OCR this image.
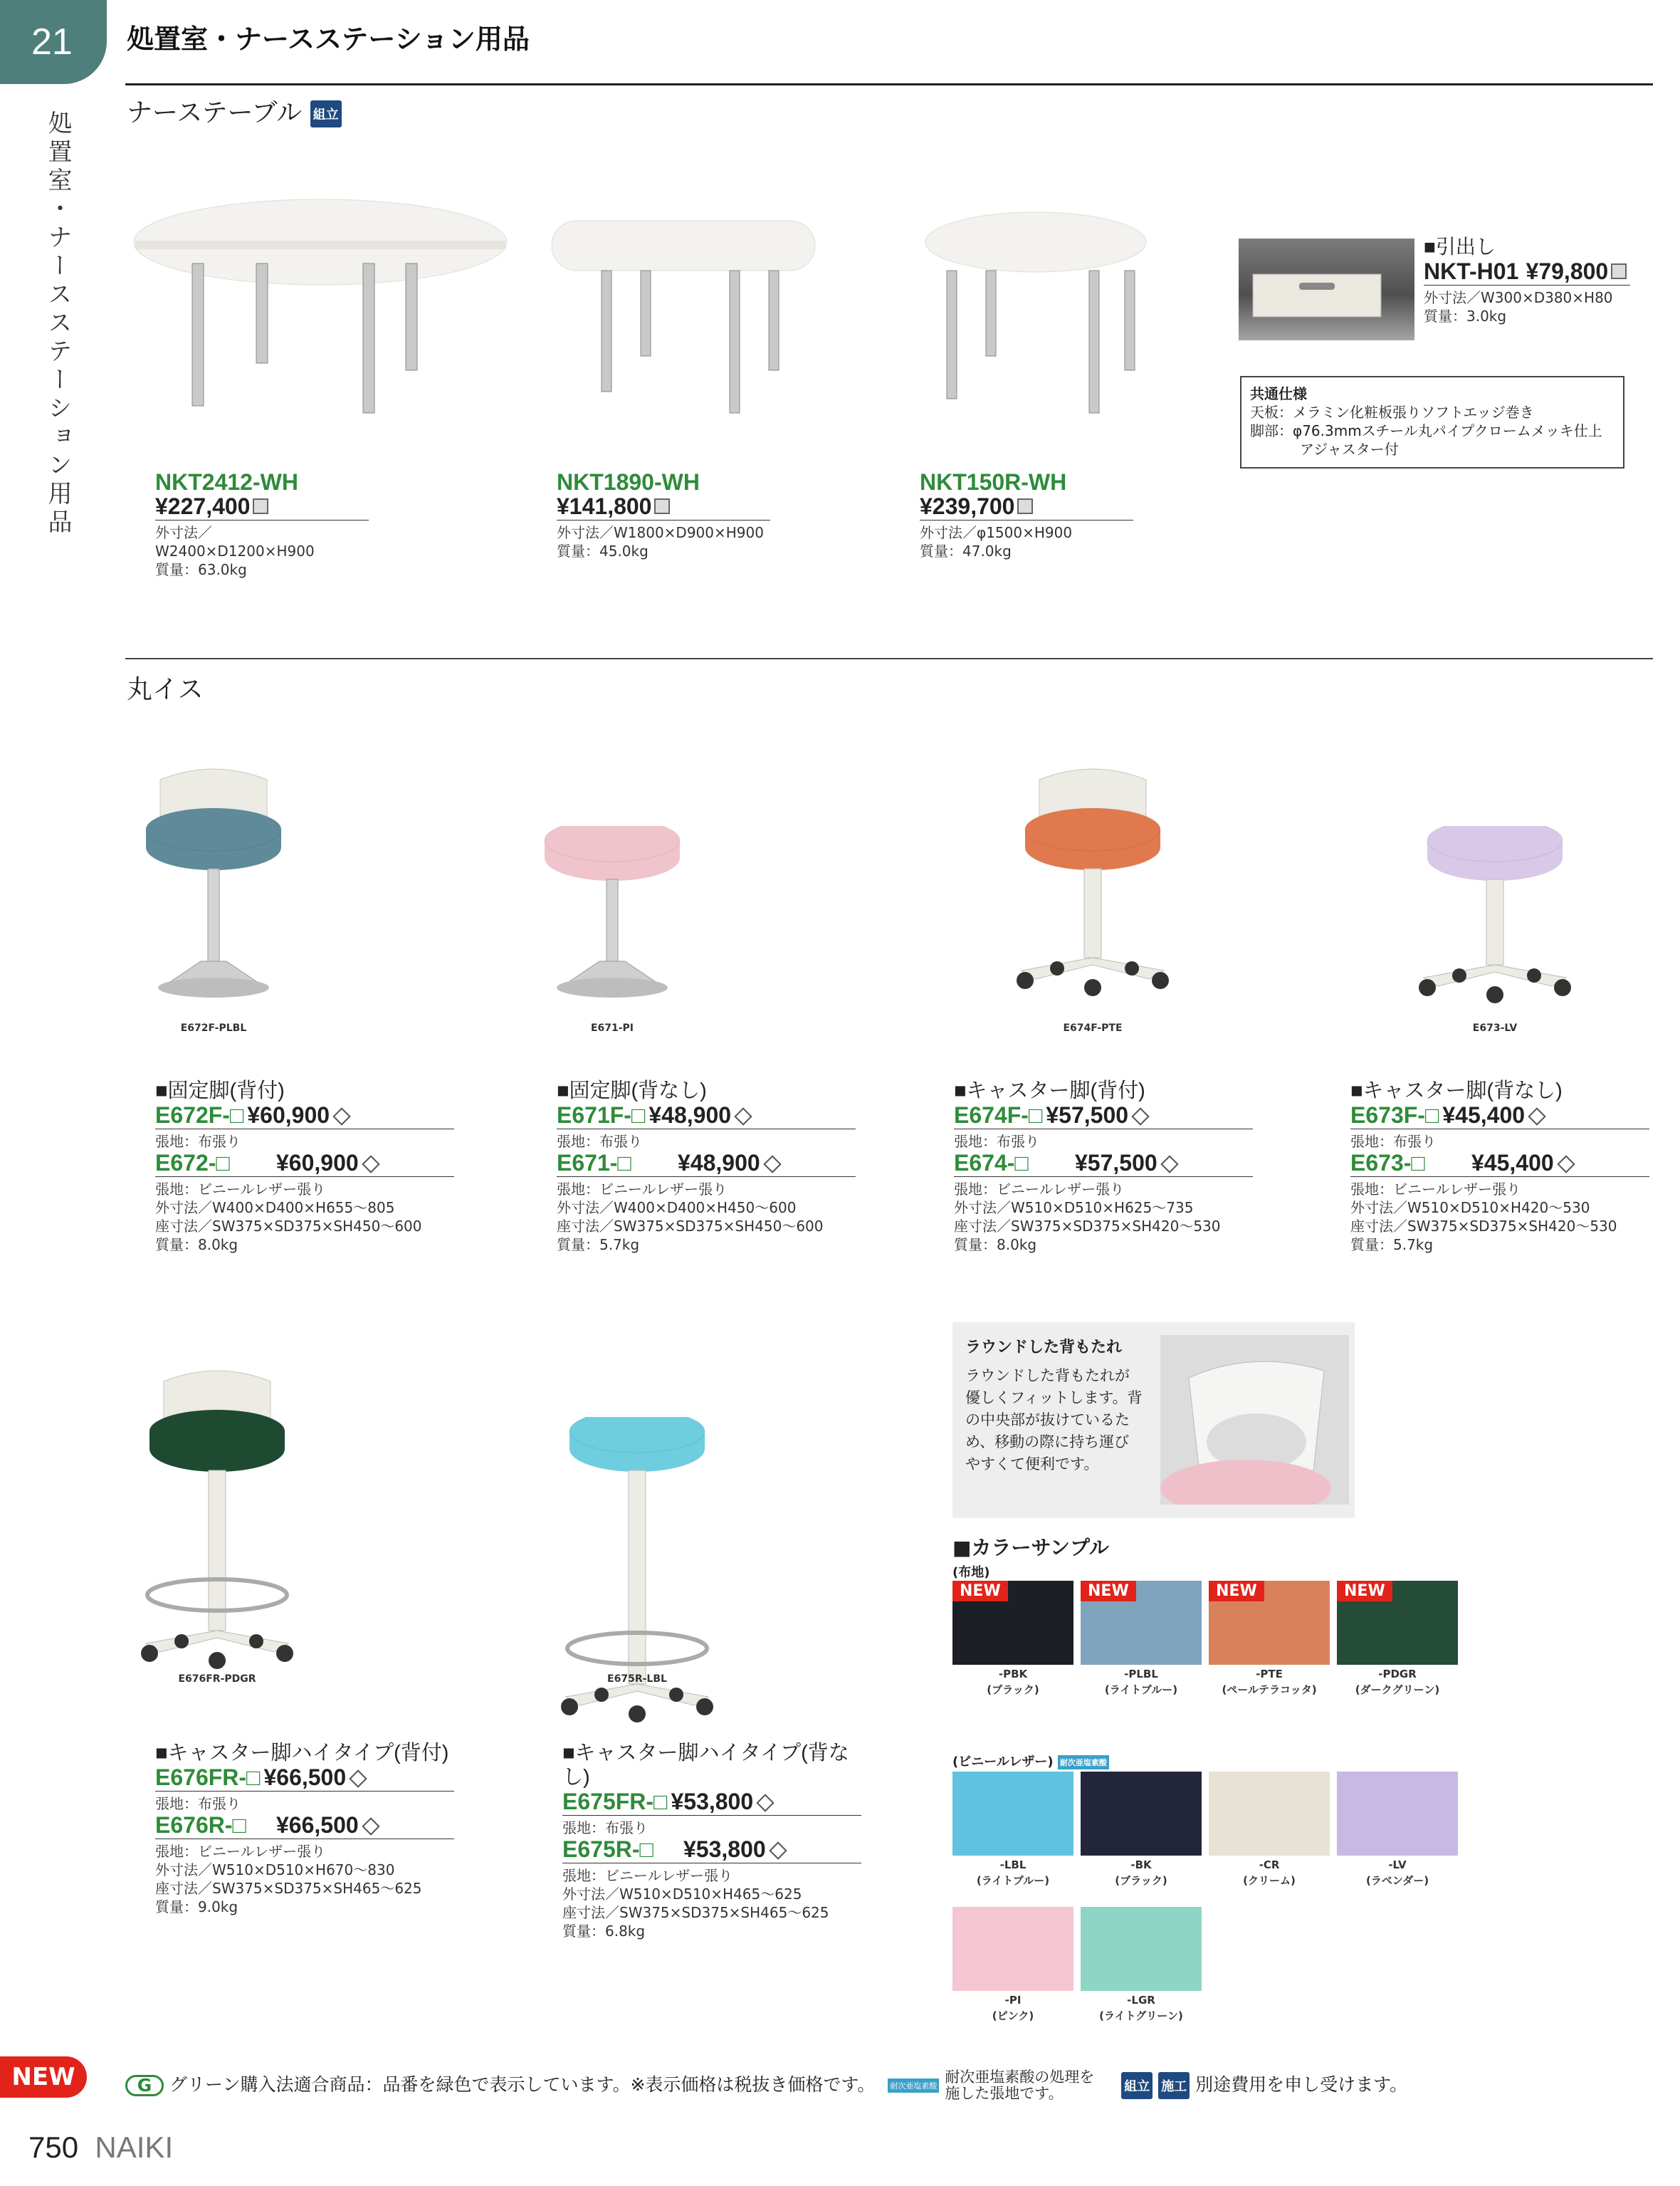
21
処置室・ナースステーション用品
処置室・ナースステーション用品
ナーステーブル 組立
NKT2412-WH
¥227,400
外寸法／W2400×D1200×H900
質量：63.0kg
NKT1890-WH
¥141,800
外寸法／W1800×D900×H900
質量：45.0kg
NKT150R-WH
¥239,700
外寸法／φ1500×H900
質量：47.0kg
■引出し
NKT-H01 ¥79,800
外寸法／W300×D380×H80
質量：3.0kg
共通仕様
天板：メラミン化粧板張りソフトエッジ巻き
脚部：φ76.3mmスチール丸パイプクロームメッキ仕上
アジャスター付
丸イス
E672F-PLBL
■固定脚(背付)
E672F-□ ¥60,900
張地：布張り
E672-□ ¥60,900
張地：ビニールレザー張り
外寸法／W400×D400×H655～805
座寸法／SW375×SD375×SH450～600
質量：8.0kg
E671-PI
■固定脚(背なし)
E671F-□ ¥48,900
張地：布張り
E671-□ ¥48,900
張地：ビニールレザー張り
外寸法／W400×D400×H450～600
座寸法／SW375×SD375×SH450～600
質量：5.7kg
E674F-PTE
■キャスター脚(背付)
E674F-□ ¥57,500
張地：布張り
E674-□ ¥57,500
張地：ビニールレザー張り
外寸法／W510×D510×H625～735
座寸法／SW375×SD375×SH420～530
質量：8.0kg
E673-LV
■キャスター脚(背なし)
E673F-□ ¥45,400
張地：布張り
E673-□ ¥45,400
張地：ビニールレザー張り
外寸法／W510×D510×H420～530
座寸法／SW375×SD375×SH420～530
質量：5.7kg
E676FR-PDGR
■キャスター脚ハイタイプ(背付)
E676FR-□ ¥66,500
張地：布張り
E676R-□ ¥66,500
張地：ビニールレザー張り
外寸法／W510×D510×H670～830
座寸法／SW375×SD375×SH465～625
質量：9.0kg
E675R-LBL
■キャスター脚ハイタイプ(背なし)
E675FR-□ ¥53,800
張地：布張り
E675R-□ ¥53,800
張地：ビニールレザー張り
外寸法／W510×D510×H465～625
座寸法／SW375×SD375×SH465～625
質量：6.8kg
ラウンドした背もたれ
ラウンドした背もたれが
優しくフィットします。背
の中央部が抜けているた
め、移動の際に持ち運び
やすくて便利です。
■カラーサンプル
(布地)
NEW
-PBK
(ブラック)
NEW
-PLBL
(ライトブルー)
NEW
-PTE
(ペールテラコッタ)
NEW
-PDGR
(ダークグリーン)
(ビニールレザー) 耐次亜塩素酸
-LBL
(ライトブルー)
-BK
(ブラック)
-CR
(クリーム)
-LV
(ラベンダー)
-PI
(ピンク)
-LGR
(ライトグリーン)
NEW	G グリーン購入法適合商品：品番を緑色で表示しています。※表示価格は税抜き価格です。 耐次亜塩素酸 耐次亜塩素酸の処理を
施した張地です。	組立 施工 別途費用を申し受けます。
750 NAIKI
